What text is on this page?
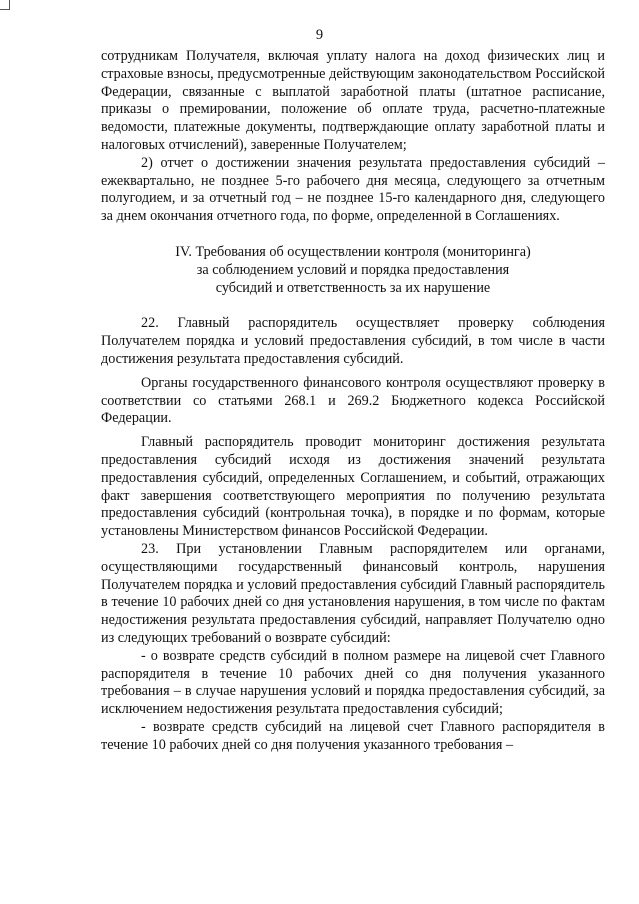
9

сотрудникам Получателя, включая уплату налога на доход физических лиц и страховые взносы, предусмотренные действующим законодательством Российской Федерации, связанные с выплатой заработной платы (штатное расписание, приказы о премировании, положение об оплате труда, расчетно-платежные ведомости, платежные документы, подтверждающие оплату заработной платы и налоговых отчислений), заверенные Получателем;

2) отчет о достижении значения результата предоставления субсидий – ежеквартально, не позднее 5-го рабочего дня месяца, следующего за отчетным полугодием, и за отчетный год – не позднее 15-го календарного дня, следующего за днем окончания отчетного года, по форме, определенной в Соглашениях.

IV. Требования об осуществлении контроля (мониторинга)
за соблюдением условий и порядка предоставления
субсидий и ответственность за их нарушение

22. Главный распорядитель осуществляет проверку соблюдения Получателем порядка и условий предоставления субсидий, в том числе в части достижения результата предоставления субсидий.

Органы государственного финансового контроля осуществляют проверку в соответствии со статьями 268.1 и 269.2 Бюджетного кодекса Российской Федерации.

Главный распорядитель проводит мониторинг достижения результата предоставления субсидий исходя из достижения значений результата предоставления субсидий, определенных Соглашением, и событий, отражающих факт завершения соответствующего мероприятия по получению результата предоставления субсидий (контрольная точка), в порядке и по формам, которые установлены Министерством финансов Российской Федерации.

23. При установлении Главным распорядителем или органами, осуществляющими государственный финансовый контроль, нарушения Получателем порядка и условий предоставления субсидий Главный распорядитель в течение 10 рабочих дней со дня установления нарушения, в том числе по фактам недостижения результата предоставления субсидий, направляет Получателю одно из следующих требований о возврате субсидий:

- о возврате средств субсидий в полном размере на лицевой счет Главного распорядителя в течение 10 рабочих дней со дня получения указанного требования – в случае нарушения условий и порядка предоставления субсидий, за исключением недостижения результата предоставления субсидий;

- возврате средств субсидий на лицевой счет Главного распорядителя в течение 10 рабочих дней со дня получения указанного требования –
